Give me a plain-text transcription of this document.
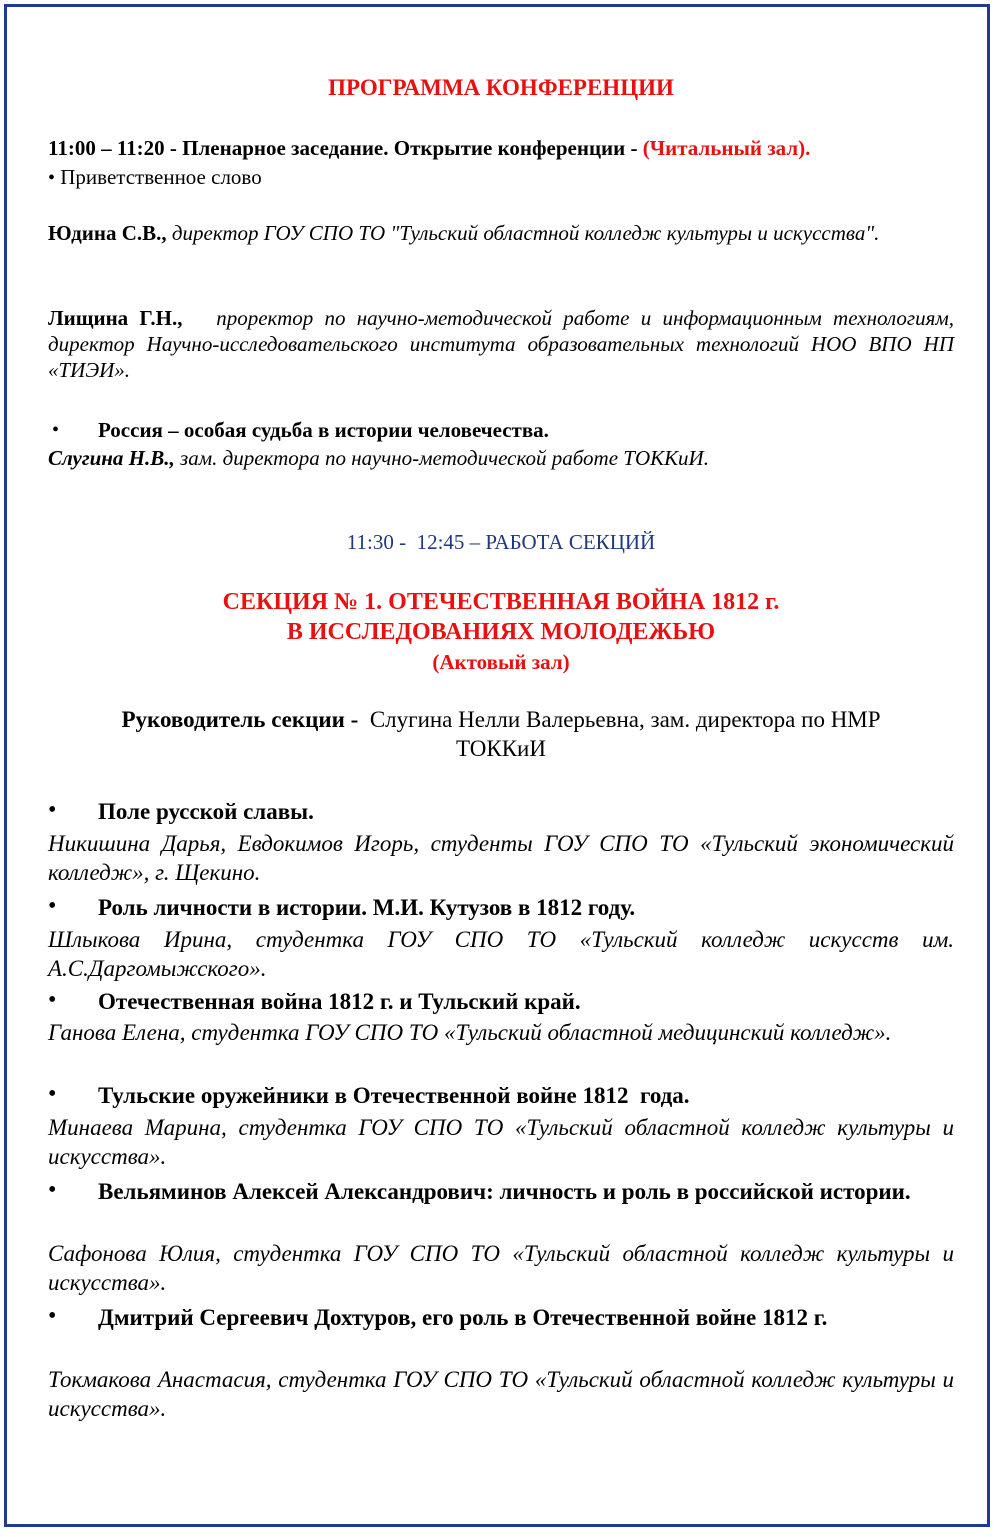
ПРОГРАММА КОНФЕРЕНЦИИ
11:00 – 11:20 - Пленарное заседание. Открытие конференции - (Читальный зал).
• Приветственное слово

Юдина С.В., директор ГОУ СПО ТО "Тульский областной колледж культуры и искусства".

Лищина Г.Н., проректор по научно-методической работе и информационным технологиям, директор Научно-исследовательского института образовательных технологий НОО ВПО НП «ТИЭИ».

• Россия – особая судьба в истории человечества.
Слугина Н.В., зам. директора по научно-методической работе ТОККиИ.
11:30 -  12:45 – РАБОТА СЕКЦИЙ
СЕКЦИЯ № 1. ОТЕЧЕСТВЕННАЯ ВОЙНА 1812 г.
В ИССЛЕДОВАНИЯХ МОЛОДЕЖЬЮ
(Актовый зал)
Руководитель секции -  Слугина Нелли Валерьевна, зам. директора по НМР
ТОККиИ
• Поле русской славы.

Никишина Дарья, Евдокимов Игорь, студенты ГОУ СПО ТО «Тульский экономический колледж», г. Щекино.

• Роль личности в истории. М.И. Кутузов в 1812 году.

Шлыкова Ирина, студентка ГОУ СПО ТО «Тульский колледж искусств им. А.С.Даргомыжского».

• Отечественная война 1812 г. и Тульский край.

Ганова Елена, студентка ГОУ СПО ТО «Тульский областной медицинский колледж».

• Тульские оружейники в Отечественной войне 1812  года.

Минаева Марина, студентка ГОУ СПО ТО «Тульский областной колледж культуры и искусства».

• Вельяминов Алексей Александрович: личность и роль в российской истории.

Сафонова Юлия, студентка ГОУ СПО ТО «Тульский областной колледж культуры и искусства».

• Дмитрий Сергеевич Дохтуров, его роль в Отечественной войне 1812 г.

Токмакова Анастасия, студентка ГОУ СПО ТО «Тульский областной колледж культуры и искусства».
